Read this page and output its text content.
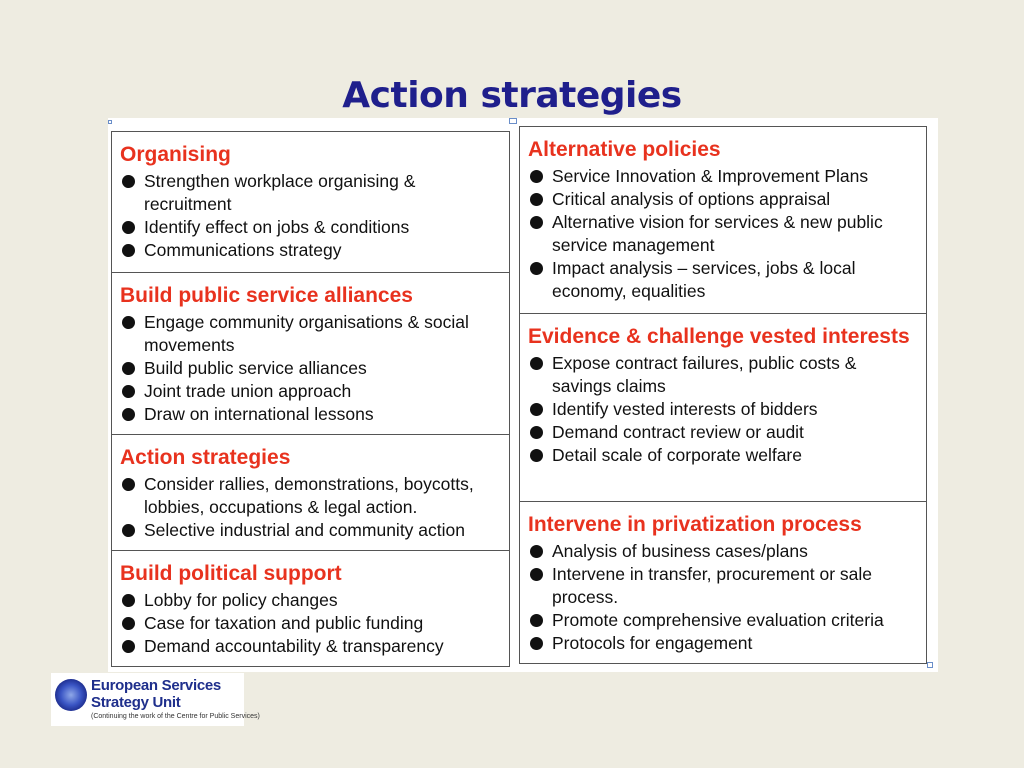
Action strategies
Organising
Strengthen workplace organising & recruitment
Identify effect on jobs & conditions
Communications strategy
Build public service alliances
Engage community organisations & social movements
Build public service alliances
Joint trade union approach
Draw on international lessons
Action strategies
Consider rallies, demonstrations, boycotts, lobbies, occupations & legal action.
Selective industrial and community action
Build political support
Lobby for policy changes
Case for taxation and public funding
Demand accountability & transparency
Alternative policies
Service Innovation & Improvement Plans
Critical analysis of options appraisal
Alternative vision for services & new public service management
Impact analysis – services, jobs & local economy, equalities
Evidence & challenge vested interests
Expose contract failures, public costs & savings claims
Identify vested interests of bidders
Demand contract review or audit
Detail scale of corporate welfare
Intervene in privatization process
Analysis of business cases/plans
Intervene in transfer, procurement or sale process.
Promote comprehensive evaluation criteria
Protocols for engagement
European Services
Strategy Unit
(Continuing the work of the Centre for Public Services)
